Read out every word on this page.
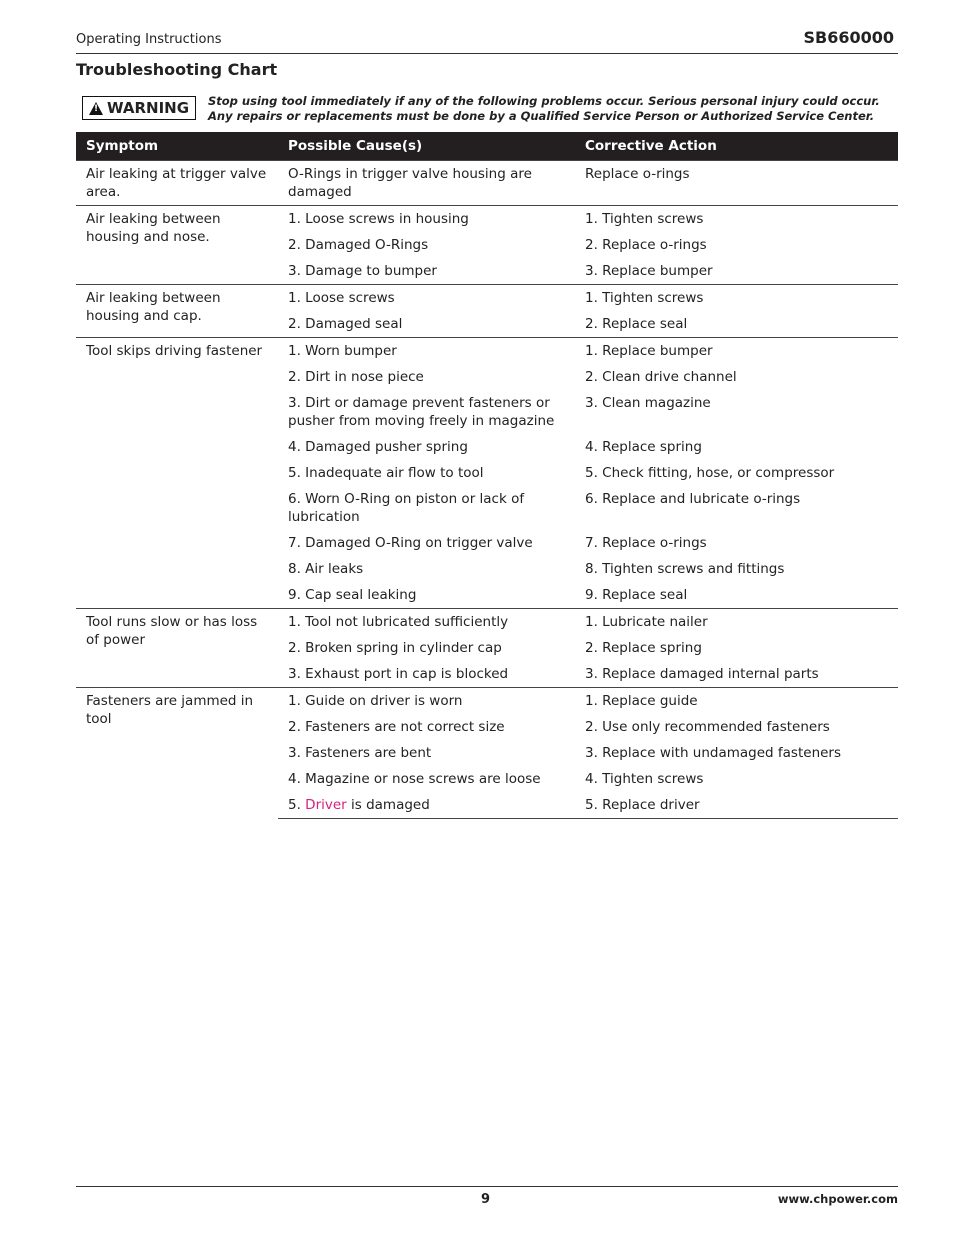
Operating Instructions	SB660000
Troubleshooting Chart
! WARNING Stop using tool immediately if any of the following problems occur. Serious personal injury could occur. Any repairs or replacements must be done by a Qualified Service Person or Authorized Service Center.
Symptom	Possible Cause(s)	Corrective Action
Air leaking at trigger valve area.	O-Rings in trigger valve housing are damaged	Replace o-rings
Air leaking between housing and nose.	1. Loose screws in housing	1. Tighten screws
	2. Damaged O-Rings	2. Replace o-rings
	3. Damage to bumper	3. Replace bumper
Air leaking between housing and cap.	1. Loose screws	1. Tighten screws
	2. Damaged seal	2. Replace seal
Tool skips driving fastener	1. Worn bumper	1. Replace bumper
	2. Dirt in nose piece	2. Clean drive channel
	3. Dirt or damage prevent fasteners or pusher from moving freely in magazine	3. Clean magazine
	4. Damaged pusher spring	4. Replace spring
	5. Inadequate air flow to tool	5. Check fitting, hose, or compressor
	6. Worn O-Ring on piston or lack of lubrication	6. Replace and lubricate o-rings
	7. Damaged O-Ring on trigger valve	7. Replace o-rings
	8. Air leaks	8. Tighten screws and fittings
	9. Cap seal leaking	9. Replace seal
Tool runs slow or has loss of power	1. Tool not lubricated sufficiently	1. Lubricate nailer
	2. Broken spring in cylinder cap	2. Replace spring
	3. Exhaust port in cap is blocked	3. Replace damaged internal parts
Fasteners are jammed in tool	1. Guide on driver is worn	1. Replace guide
	2. Fasteners are not correct size	2. Use only recommended fasteners
	3. Fasteners are bent	3. Replace with undamaged fasteners
	4. Magazine or nose screws are loose	4. Tighten screws
	5. Driver is damaged	5. Replace driver
9	www.chpower.com
